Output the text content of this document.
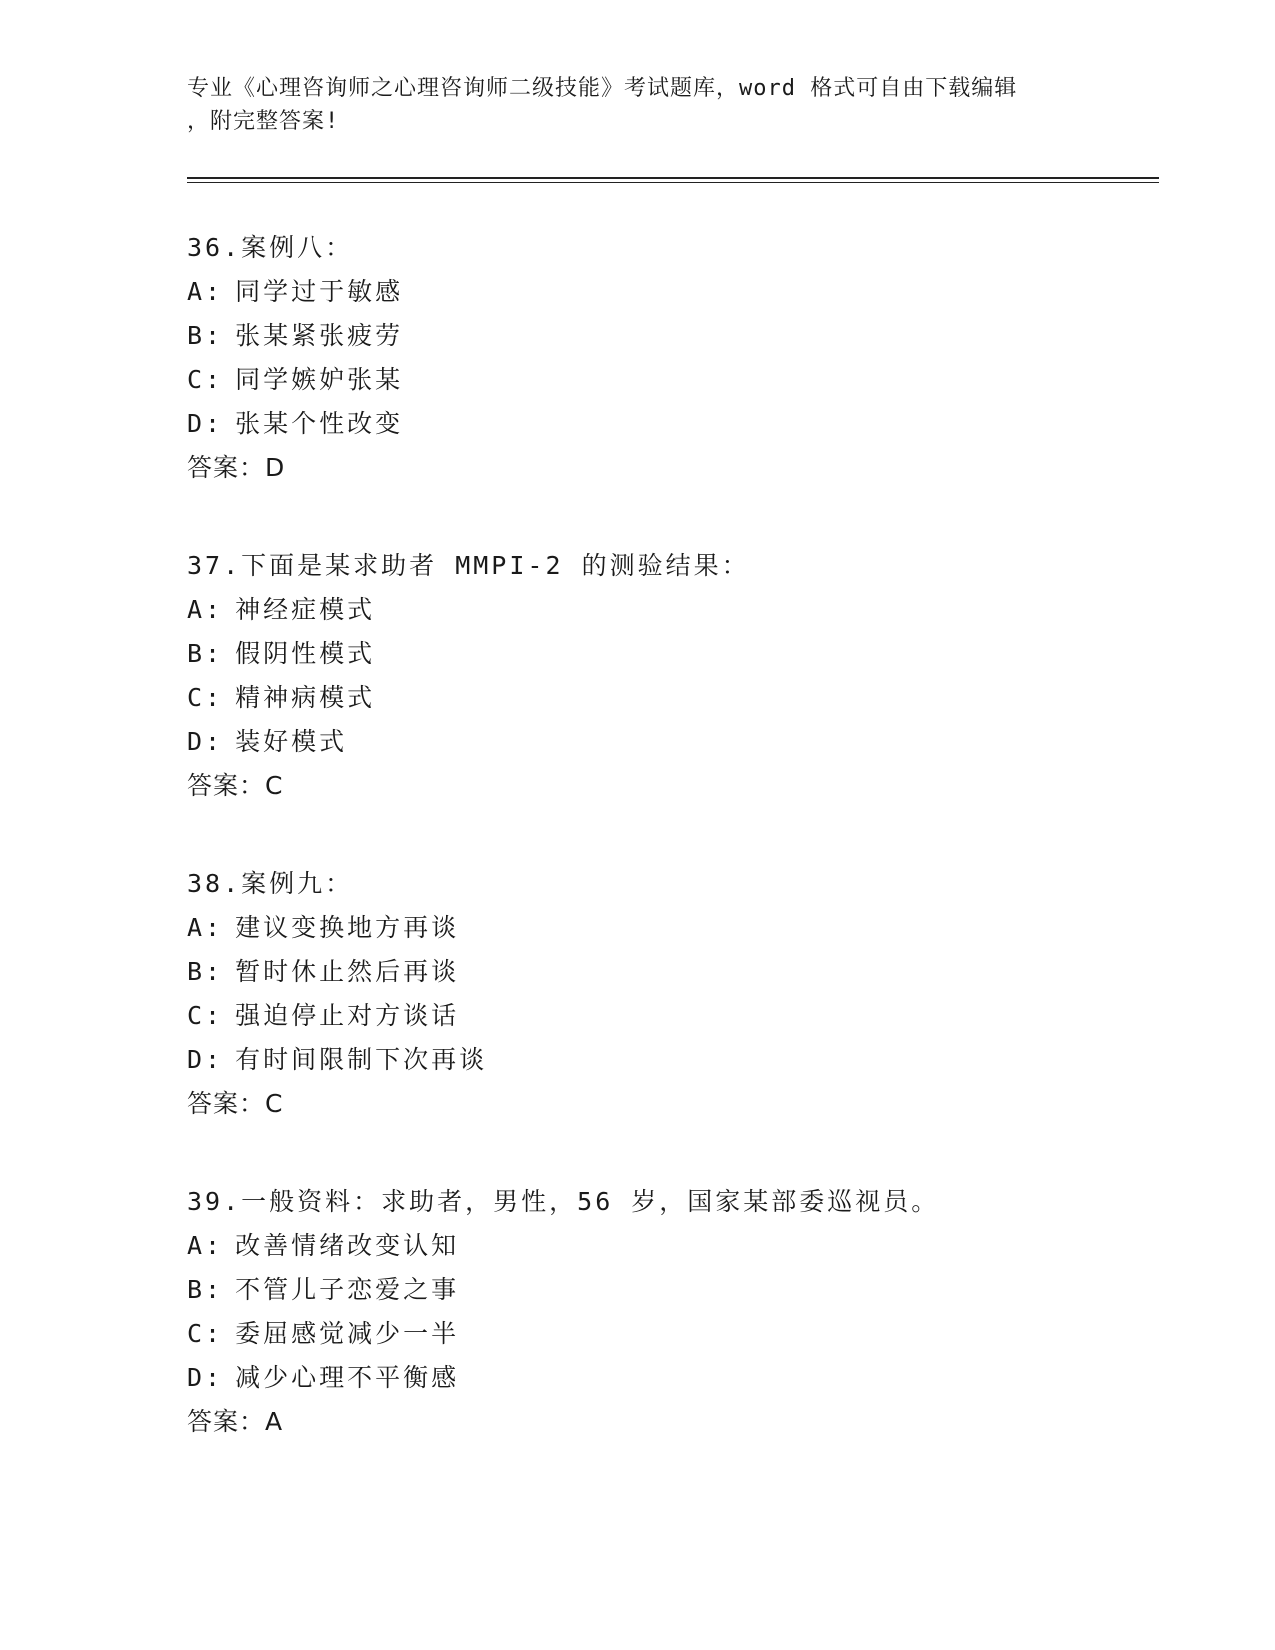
专业《心理咨询师之心理咨询师二级技能》考试题库，word 格式可自由下载编辑
，附完整答案!
36.案例八：
A: 同学过于敏感
B: 张某紧张疲劳
C: 同学嫉妒张某
D: 张某个性改变
答案：D
37.下面是某求助者 MMPI-2 的测验结果：
A: 神经症模式
B: 假阴性模式
C: 精神病模式
D: 装好模式
答案：C
38.案例九：
A: 建议变换地方再谈
B: 暂时休止然后再谈
C: 强迫停止对方谈话
D: 有时间限制下次再谈
答案：C
39.一般资料：求助者，男性，56 岁，国家某部委巡视员。
A: 改善情绪改变认知
B: 不管儿子恋爱之事
C: 委屈感觉减少一半
D: 减少心理不平衡感
答案：A
